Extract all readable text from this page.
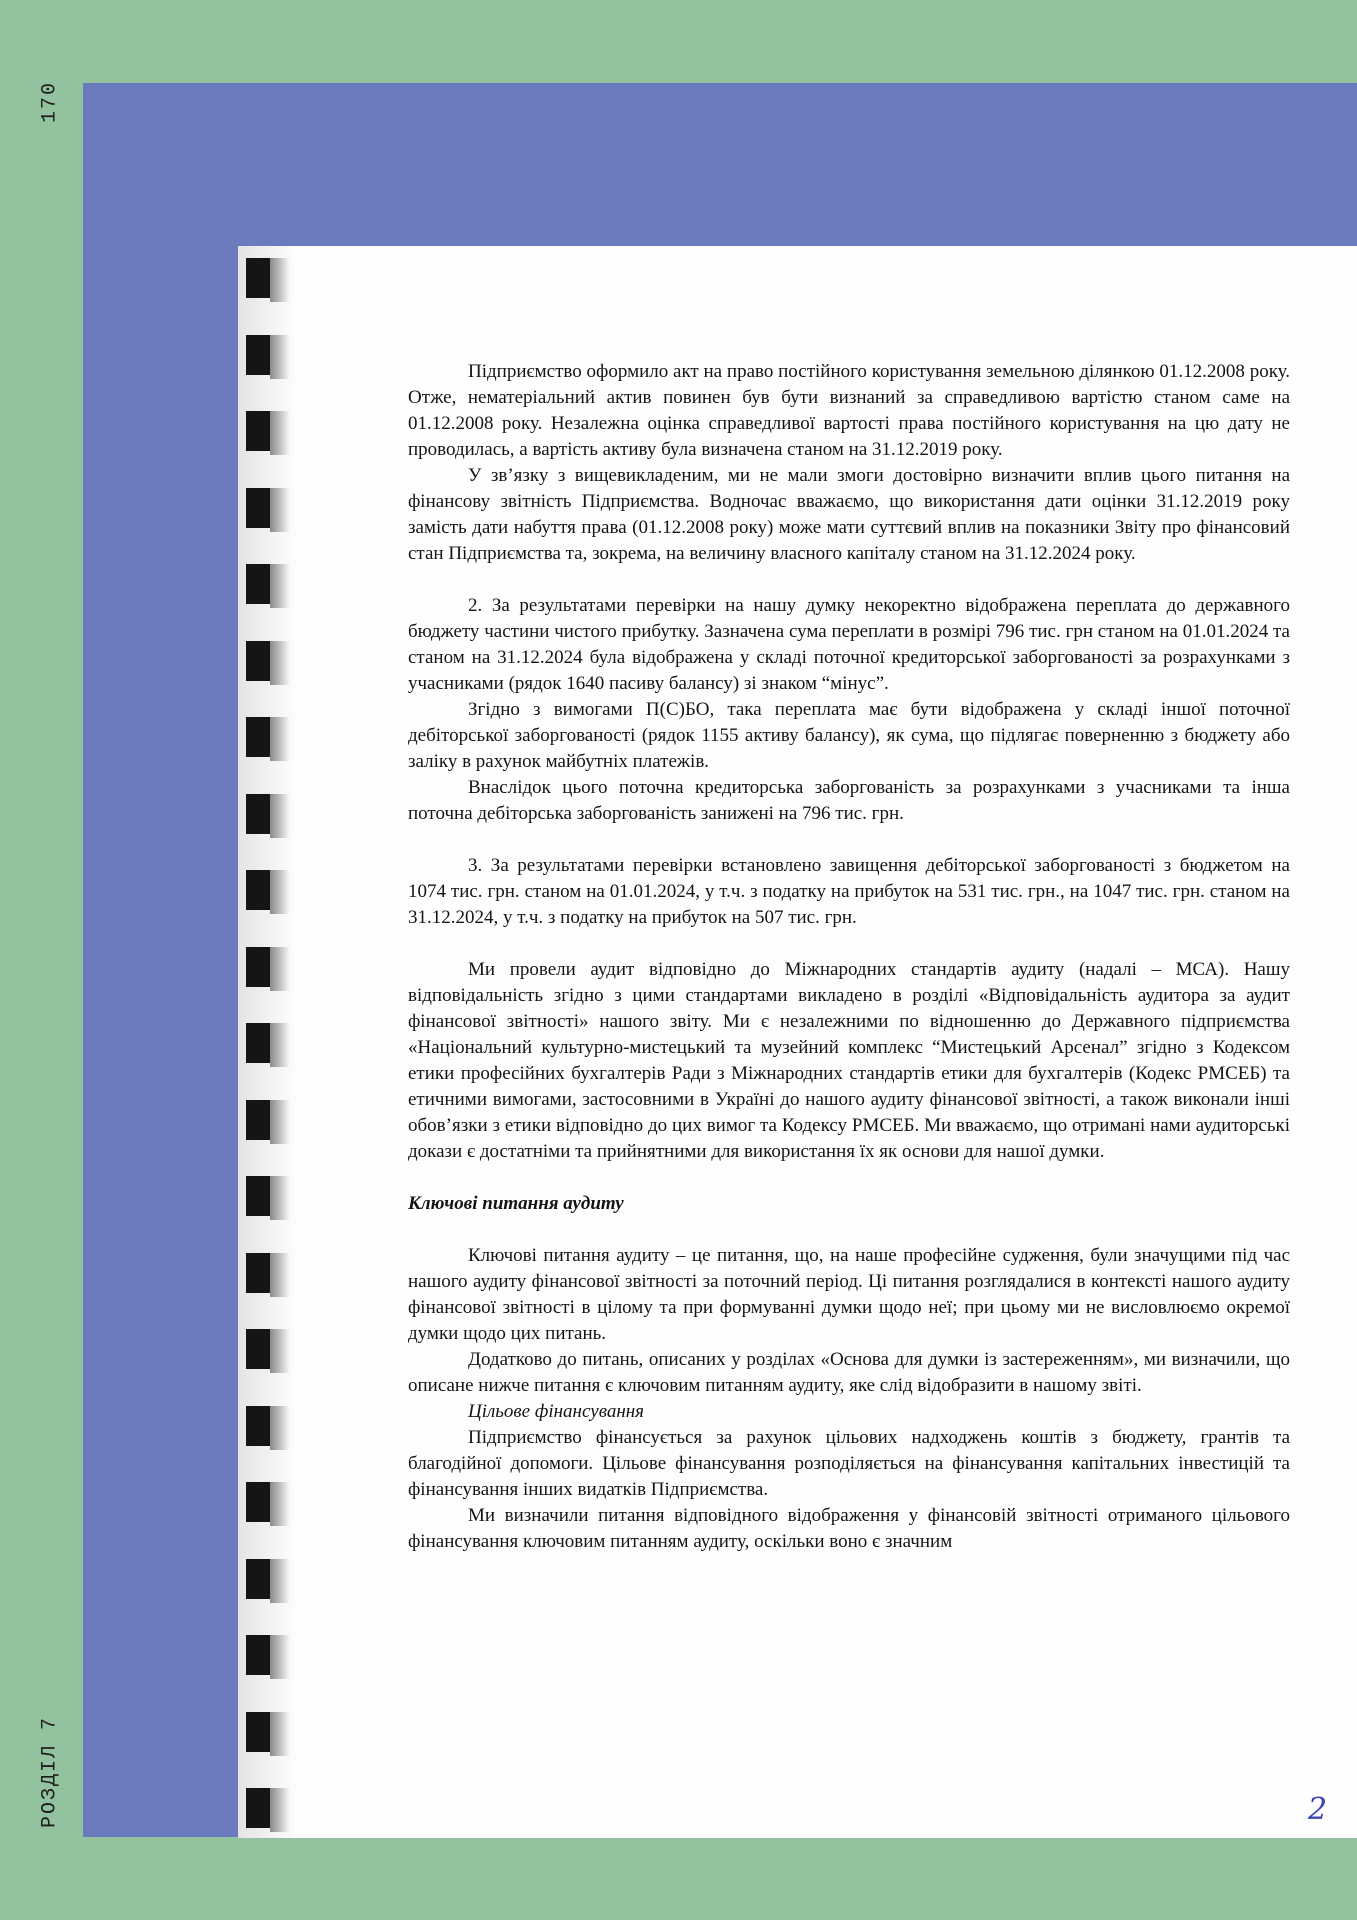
170
РОЗДІЛ 7

Підприємство оформило акт на право постійного користування земельною ділянкою 01.12.2008 року. Отже, нематеріальний актив повинен був бути визнаний за справедливою вартістю станом саме на 01.12.2008 року. Незалежна оцінка справедливої вартості права постійного користування на цю дату не проводилась, а вартість активу була визначена станом на 31.12.2019 року.

У зв’язку з вищевикладеним, ми не мали змоги достовірно визначити вплив цього питання на фінансову звітність Підприємства. Водночас вважаємо, що використання дати оцінки 31.12.2019 року замість дати набуття права (01.12.2008 року) може мати суттєвий вплив на показники Звіту про фінансовий стан Підприємства та, зокрема, на величину власного капіталу станом на 31.12.2024 року.

2. За результатами перевірки на нашу думку некоректно відображена переплата до державного бюджету частини чистого прибутку. Зазначена сума переплати в розмірі 796 тис. грн станом на 01.01.2024 та станом на 31.12.2024 була відображена у складі поточної кредиторської заборгованості за розрахунками з учасниками (рядок 1640 пасиву балансу) зі знаком “мінус”.

Згідно з вимогами П(С)БО, така переплата має бути відображена у складі іншої поточної дебіторської заборгованості (рядок 1155 активу балансу), як сума, що підлягає поверненню з бюджету або заліку в рахунок майбутніх платежів.

Внаслідок цього поточна кредиторська заборгованість за розрахунками з учасниками та інша поточна дебіторська заборгованість занижені на 796 тис. грн.

3. За результатами перевірки встановлено завищення дебіторської заборгованості з бюджетом на 1074 тис. грн. станом на 01.01.2024, у т.ч. з податку на прибуток на 531 тис. грн., на 1047 тис. грн. станом на 31.12.2024, у т.ч. з податку на прибуток на 507 тис. грн.

Ми провели аудит відповідно до Міжнародних стандартів аудиту (надалі – МСА). Нашу відповідальність згідно з цими стандартами викладено в розділі «Відповідальність аудитора за аудит фінансової звітності» нашого звіту. Ми є незалежними по відношенню до Державного підприємства «Національний культурно-мистецький та музейний комплекс “Мистецький Арсенал” згідно з Кодексом етики професійних бухгалтерів Ради з Міжнародних стандартів етики для бухгалтерів (Кодекс РМСЕБ) та етичними вимогами, застосовними в Україні до нашого аудиту фінансової звітності, а також виконали інші обов’язки з етики відповідно до цих вимог та Кодексу РМСЕБ. Ми вважаємо, що отримані нами аудиторські докази є достатніми та прийнятними для використання їх як основи для нашої думки.

Ключові питання аудиту

Ключові питання аудиту – це питання, що, на наше професійне судження, були значущими під час нашого аудиту фінансової звітності за поточний період. Ці питання розглядалися в контексті нашого аудиту фінансової звітності в цілому та при формуванні думки щодо неї; при цьому ми не висловлюємо окремої думки щодо цих питань.

Додатково до питань, описаних у розділах «Основа для думки із застереженням», ми визначили, що описане нижче питання є ключовим питанням аудиту, яке слід відобразити в нашому звіті.

Цільове фінансування

Підприємство фінансується за рахунок цільових надходжень коштів з бюджету, грантів та благодійної допомоги. Цільове фінансування розподіляється на фінансування капітальних інвестицій та фінансування інших видатків Підприємства.

Ми визначили питання відповідного відображення у фінансовій звітності отриманого цільового фінансування ключовим питанням аудиту, оскільки воно є значним

2
